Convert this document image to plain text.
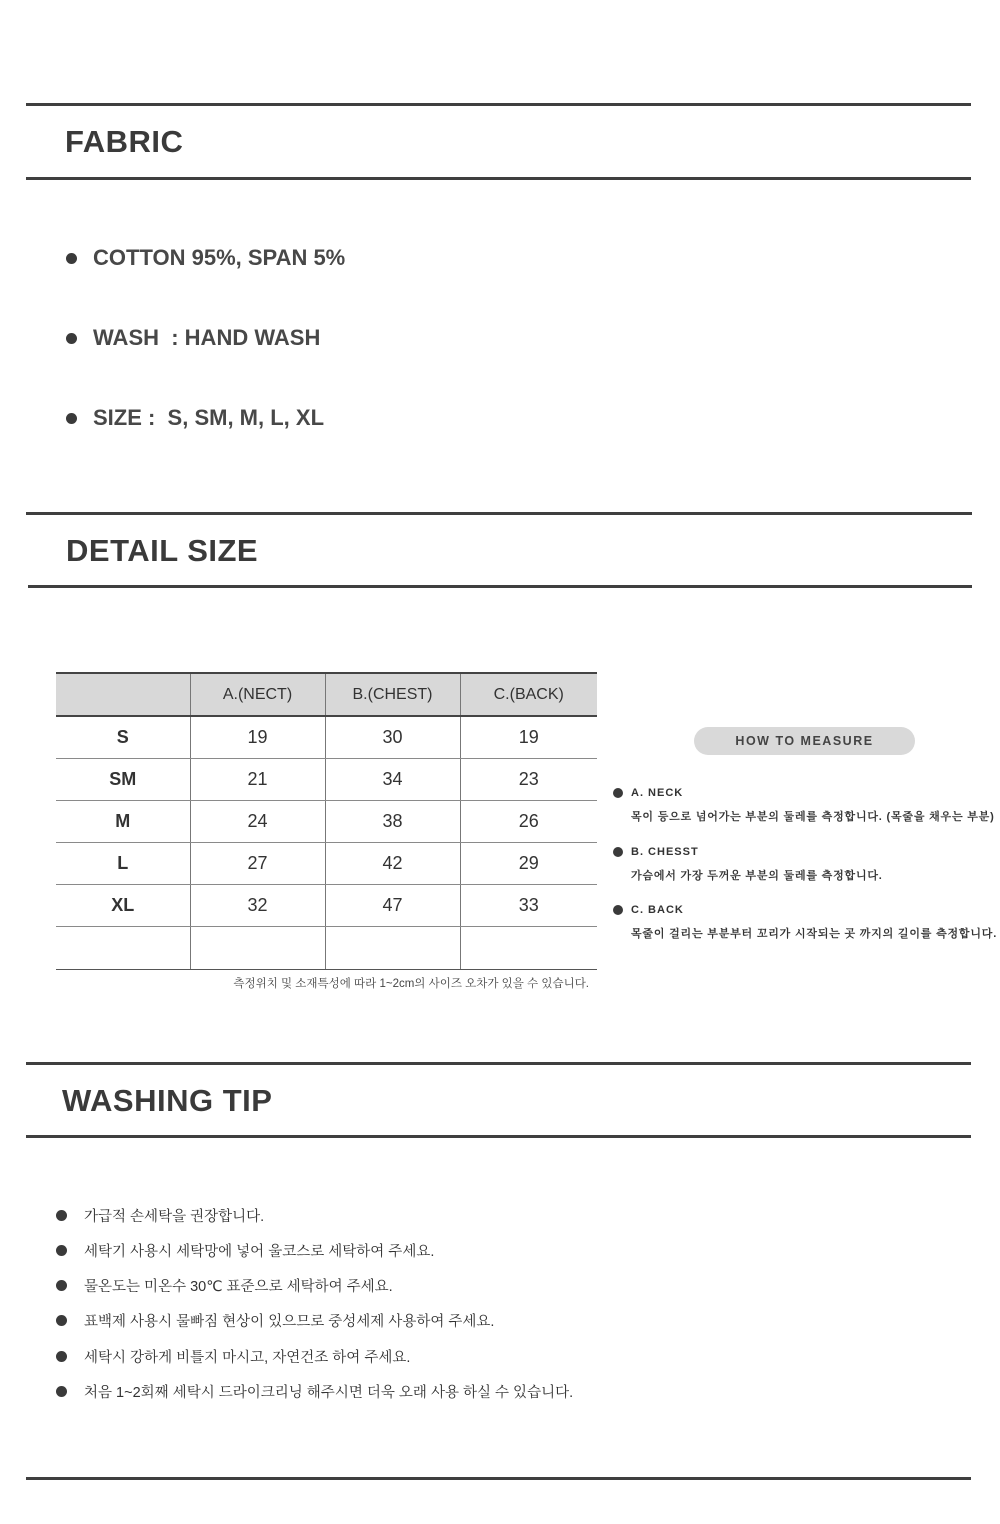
FABRIC
COTTON 95%, SPAN 5%
WASH  : HAND WASH
SIZE :  S, SM, M, L, XL
DETAIL SIZE
	A.(NECT)	B.(CHEST)	C.(BACK)
S	19	30	19
SM	21	34	23
M	24	38	26
L	27	42	29
XL	32	47	33

측정위치 및 소재특성에 따라 1~2cm의 사이즈 오차가 있을 수 있습니다.
HOW TO MEASURE
A. NECK
목이 등으로 넘어가는 부분의 둘레를 측정합니다. (목줄을 채우는 부분)
B. CHESST
가슴에서 가장 두꺼운 부분의 둘레를 측정합니다.
C. BACK
목줄이 걸리는 부분부터 꼬리가 시작되는 곳 까지의 길이를 측정합니다.
WASHING TIP
가급적 손세탁을 권장합니다.
세탁기 사용시 세탁망에 넣어 울코스로 세탁하여 주세요.
물온도는 미온수 30℃ 표준으로 세탁하여 주세요.
표백제 사용시 물빠짐 현상이 있으므로 중성세제 사용하여 주세요.
세탁시 강하게 비틀지 마시고, 자연건조 하여 주세요.
처음 1~2회째 세탁시 드라이크리닝 해주시면 더욱 오래 사용 하실 수 있습니다.
